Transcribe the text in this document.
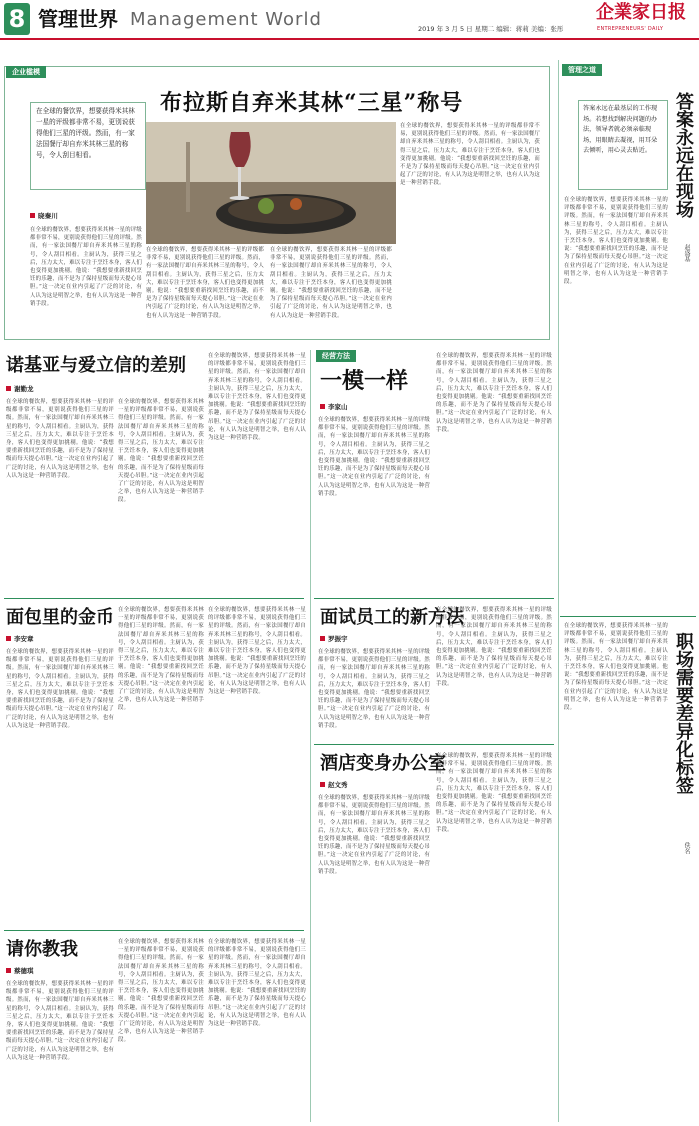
8 管理世界 Management World	2019 年 3 月 5 日 星期二 编辑：蒋莉 美编：张彤
企業家日报
ENTREPRENEURS' DAILY
企业槛模
在全球的餐饮界，想要获得米其林一星的评级都非常不易，更别说获得他们三星的评级。然而，有一家法国餐厅却自弃米其林三星的称号，令人刮目相看。
布拉斯自弃米其林“三星”称号
晓秦川
在全球的餐饮界，想要获得米其林一星的评级都非常不易，更别说获得他们三星的评级。然而，有一家法国餐厅却自弃米其林三星的称号，令人刮目相看。主厨认为，获得三星之后，压力太大，难以专注于烹饪本身，客人们也变得更加挑剔。他说：“我想要重新找回烹饪的乐趣，而不是为了保持星级而每天提心吊胆。”这一决定在业内引起了广泛的讨论，有人认为这是明智之举，也有人认为这是一种营销手段。
在全球的餐饮界，想要获得米其林一星的评级都非常不易，更别说获得他们三星的评级。然而，有一家法国餐厅却自弃米其林三星的称号，令人刮目相看。主厨认为，获得三星之后，压力太大，难以专注于烹饪本身，客人们也变得更加挑剔。他说：“我想要重新找回烹饪的乐趣，而不是为了保持星级而每天提心吊胆。”这一决定在业内引起了广泛的讨论，有人认为这是明智之举，也有人认为这是一种营销手段。
在全球的餐饮界，想要获得米其林一星的评级都非常不易，更别说获得他们三星的评级。然而，有一家法国餐厅却自弃米其林三星的称号，令人刮目相看。主厨认为，获得三星之后，压力太大，难以专注于烹饪本身，客人们也变得更加挑剔。他说：“我想要重新找回烹饪的乐趣，而不是为了保持星级而每天提心吊胆。”这一决定在业内引起了广泛的讨论，有人认为这是明智之举，也有人认为这是一种营销手段。
在全球的餐饮界，想要获得米其林一星的评级都非常不易，更别说获得他们三星的评级。然而，有一家法国餐厅却自弃米其林三星的称号，令人刮目相看。主厨认为，获得三星之后，压力太大，难以专注于烹饪本身，客人们也变得更加挑剔。他说：“我想要重新找回烹饪的乐趣，而不是为了保持星级而每天提心吊胆。”这一决定在业内引起了广泛的讨论，有人认为这是明智之举，也有人认为这是一种营销手段。
管理之道
答案永远在最基层的工作现场。若想找到解决问题的办法，领导者就必须亲临现场，用眼睛去凝视，用耳朵去倾听，用心灵去贴近。	答案永远在现场
赵盛基
在全球的餐饮界，想要获得米其林一星的评级都非常不易，更别说获得他们三星的评级。然而，有一家法国餐厅却自弃米其林三星的称号，令人刮目相看。主厨认为，获得三星之后，压力太大，难以专注于烹饪本身，客人们也变得更加挑剔。他说：“我想要重新找回烹饪的乐趣，而不是为了保持星级而每天提心吊胆。”这一决定在业内引起了广泛的讨论，有人认为这是明智之举，也有人认为这是一种营销手段。
职场需要差异化标签
佚名
在全球的餐饮界，想要获得米其林一星的评级都非常不易，更别说获得他们三星的评级。然而，有一家法国餐厅却自弃米其林三星的称号，令人刮目相看。主厨认为，获得三星之后，压力太大，难以专注于烹饪本身，客人们也变得更加挑剔。他说：“我想要重新找回烹饪的乐趣，而不是为了保持星级而每天提心吊胆。”这一决定在业内引起了广泛的讨论，有人认为这是明智之举，也有人认为这是一种营销手段。
诺基亚与爱立信的差别
谢勤龙
在全球的餐饮界，想要获得米其林一星的评级都非常不易，更别说获得他们三星的评级。然而，有一家法国餐厅却自弃米其林三星的称号，令人刮目相看。主厨认为，获得三星之后，压力太大，难以专注于烹饪本身，客人们也变得更加挑剔。他说：“我想要重新找回烹饪的乐趣，而不是为了保持星级而每天提心吊胆。”这一决定在业内引起了广泛的讨论，有人认为这是明智之举，也有人认为这是一种营销手段。
在全球的餐饮界，想要获得米其林一星的评级都非常不易，更别说获得他们三星的评级。然而，有一家法国餐厅却自弃米其林三星的称号，令人刮目相看。主厨认为，获得三星之后，压力太大，难以专注于烹饪本身，客人们也变得更加挑剔。他说：“我想要重新找回烹饪的乐趣，而不是为了保持星级而每天提心吊胆。”这一决定在业内引起了广泛的讨论，有人认为这是明智之举，也有人认为这是一种营销手段。
在全球的餐饮界，想要获得米其林一星的评级都非常不易，更别说获得他们三星的评级。然而，有一家法国餐厅却自弃米其林三星的称号，令人刮目相看。主厨认为，获得三星之后，压力太大，难以专注于烹饪本身，客人们也变得更加挑剔。他说：“我想要重新找回烹饪的乐趣，而不是为了保持星级而每天提心吊胆。”这一决定在业内引起了广泛的讨论，有人认为这是明智之举，也有人认为这是一种营销手段。
经营方法
一模一样
李家山
在全球的餐饮界，想要获得米其林一星的评级都非常不易，更别说获得他们三星的评级。然而，有一家法国餐厅却自弃米其林三星的称号，令人刮目相看。主厨认为，获得三星之后，压力太大，难以专注于烹饪本身，客人们也变得更加挑剔。他说：“我想要重新找回烹饪的乐趣，而不是为了保持星级而每天提心吊胆。”这一决定在业内引起了广泛的讨论，有人认为这是明智之举，也有人认为这是一种营销手段。
在全球的餐饮界，想要获得米其林一星的评级都非常不易，更别说获得他们三星的评级。然而，有一家法国餐厅却自弃米其林三星的称号，令人刮目相看。主厨认为，获得三星之后，压力太大，难以专注于烹饪本身，客人们也变得更加挑剔。他说：“我想要重新找回烹饪的乐趣，而不是为了保持星级而每天提心吊胆。”这一决定在业内引起了广泛的讨论，有人认为这是明智之举，也有人认为这是一种营销手段。
面包里的金币
李安章
在全球的餐饮界，想要获得米其林一星的评级都非常不易，更别说获得他们三星的评级。然而，有一家法国餐厅却自弃米其林三星的称号，令人刮目相看。主厨认为，获得三星之后，压力太大，难以专注于烹饪本身，客人们也变得更加挑剔。他说：“我想要重新找回烹饪的乐趣，而不是为了保持星级而每天提心吊胆。”这一决定在业内引起了广泛的讨论，有人认为这是明智之举，也有人认为这是一种营销手段。
在全球的餐饮界，想要获得米其林一星的评级都非常不易，更别说获得他们三星的评级。然而，有一家法国餐厅却自弃米其林三星的称号，令人刮目相看。主厨认为，获得三星之后，压力太大，难以专注于烹饪本身，客人们也变得更加挑剔。他说：“我想要重新找回烹饪的乐趣，而不是为了保持星级而每天提心吊胆。”这一决定在业内引起了广泛的讨论，有人认为这是明智之举，也有人认为这是一种营销手段。
在全球的餐饮界，想要获得米其林一星的评级都非常不易，更别说获得他们三星的评级。然而，有一家法国餐厅却自弃米其林三星的称号，令人刮目相看。主厨认为，获得三星之后，压力太大，难以专注于烹饪本身，客人们也变得更加挑剔。他说：“我想要重新找回烹饪的乐趣，而不是为了保持星级而每天提心吊胆。”这一决定在业内引起了广泛的讨论，有人认为这是明智之举，也有人认为这是一种营销手段。
面试员工的新方法
罗振宇
在全球的餐饮界，想要获得米其林一星的评级都非常不易，更别说获得他们三星的评级。然而，有一家法国餐厅却自弃米其林三星的称号，令人刮目相看。主厨认为，获得三星之后，压力太大，难以专注于烹饪本身，客人们也变得更加挑剔。他说：“我想要重新找回烹饪的乐趣，而不是为了保持星级而每天提心吊胆。”这一决定在业内引起了广泛的讨论，有人认为这是明智之举，也有人认为这是一种营销手段。
在全球的餐饮界，想要获得米其林一星的评级都非常不易，更别说获得他们三星的评级。然而，有一家法国餐厅却自弃米其林三星的称号，令人刮目相看。主厨认为，获得三星之后，压力太大，难以专注于烹饪本身，客人们也变得更加挑剔。他说：“我想要重新找回烹饪的乐趣，而不是为了保持星级而每天提心吊胆。”这一决定在业内引起了广泛的讨论，有人认为这是明智之举，也有人认为这是一种营销手段。
酒店变身办公室
赵文秀
在全球的餐饮界，想要获得米其林一星的评级都非常不易，更别说获得他们三星的评级。然而，有一家法国餐厅却自弃米其林三星的称号，令人刮目相看。主厨认为，获得三星之后，压力太大，难以专注于烹饪本身，客人们也变得更加挑剔。他说：“我想要重新找回烹饪的乐趣，而不是为了保持星级而每天提心吊胆。”这一决定在业内引起了广泛的讨论，有人认为这是明智之举，也有人认为这是一种营销手段。
在全球的餐饮界，想要获得米其林一星的评级都非常不易，更别说获得他们三星的评级。然而，有一家法国餐厅却自弃米其林三星的称号，令人刮目相看。主厨认为，获得三星之后，压力太大，难以专注于烹饪本身，客人们也变得更加挑剔。他说：“我想要重新找回烹饪的乐趣，而不是为了保持星级而每天提心吊胆。”这一决定在业内引起了广泛的讨论，有人认为这是明智之举，也有人认为这是一种营销手段。
请你教我
蔡德琪
在全球的餐饮界，想要获得米其林一星的评级都非常不易，更别说获得他们三星的评级。然而，有一家法国餐厅却自弃米其林三星的称号，令人刮目相看。主厨认为，获得三星之后，压力太大，难以专注于烹饪本身，客人们也变得更加挑剔。他说：“我想要重新找回烹饪的乐趣，而不是为了保持星级而每天提心吊胆。”这一决定在业内引起了广泛的讨论，有人认为这是明智之举，也有人认为这是一种营销手段。
在全球的餐饮界，想要获得米其林一星的评级都非常不易，更别说获得他们三星的评级。然而，有一家法国餐厅却自弃米其林三星的称号，令人刮目相看。主厨认为，获得三星之后，压力太大，难以专注于烹饪本身，客人们也变得更加挑剔。他说：“我想要重新找回烹饪的乐趣，而不是为了保持星级而每天提心吊胆。”这一决定在业内引起了广泛的讨论，有人认为这是明智之举，也有人认为这是一种营销手段。
在全球的餐饮界，想要获得米其林一星的评级都非常不易，更别说获得他们三星的评级。然而，有一家法国餐厅却自弃米其林三星的称号，令人刮目相看。主厨认为，获得三星之后，压力太大，难以专注于烹饪本身，客人们也变得更加挑剔。他说：“我想要重新找回烹饪的乐趣，而不是为了保持星级而每天提心吊胆。”这一决定在业内引起了广泛的讨论，有人认为这是明智之举，也有人认为这是一种营销手段。
